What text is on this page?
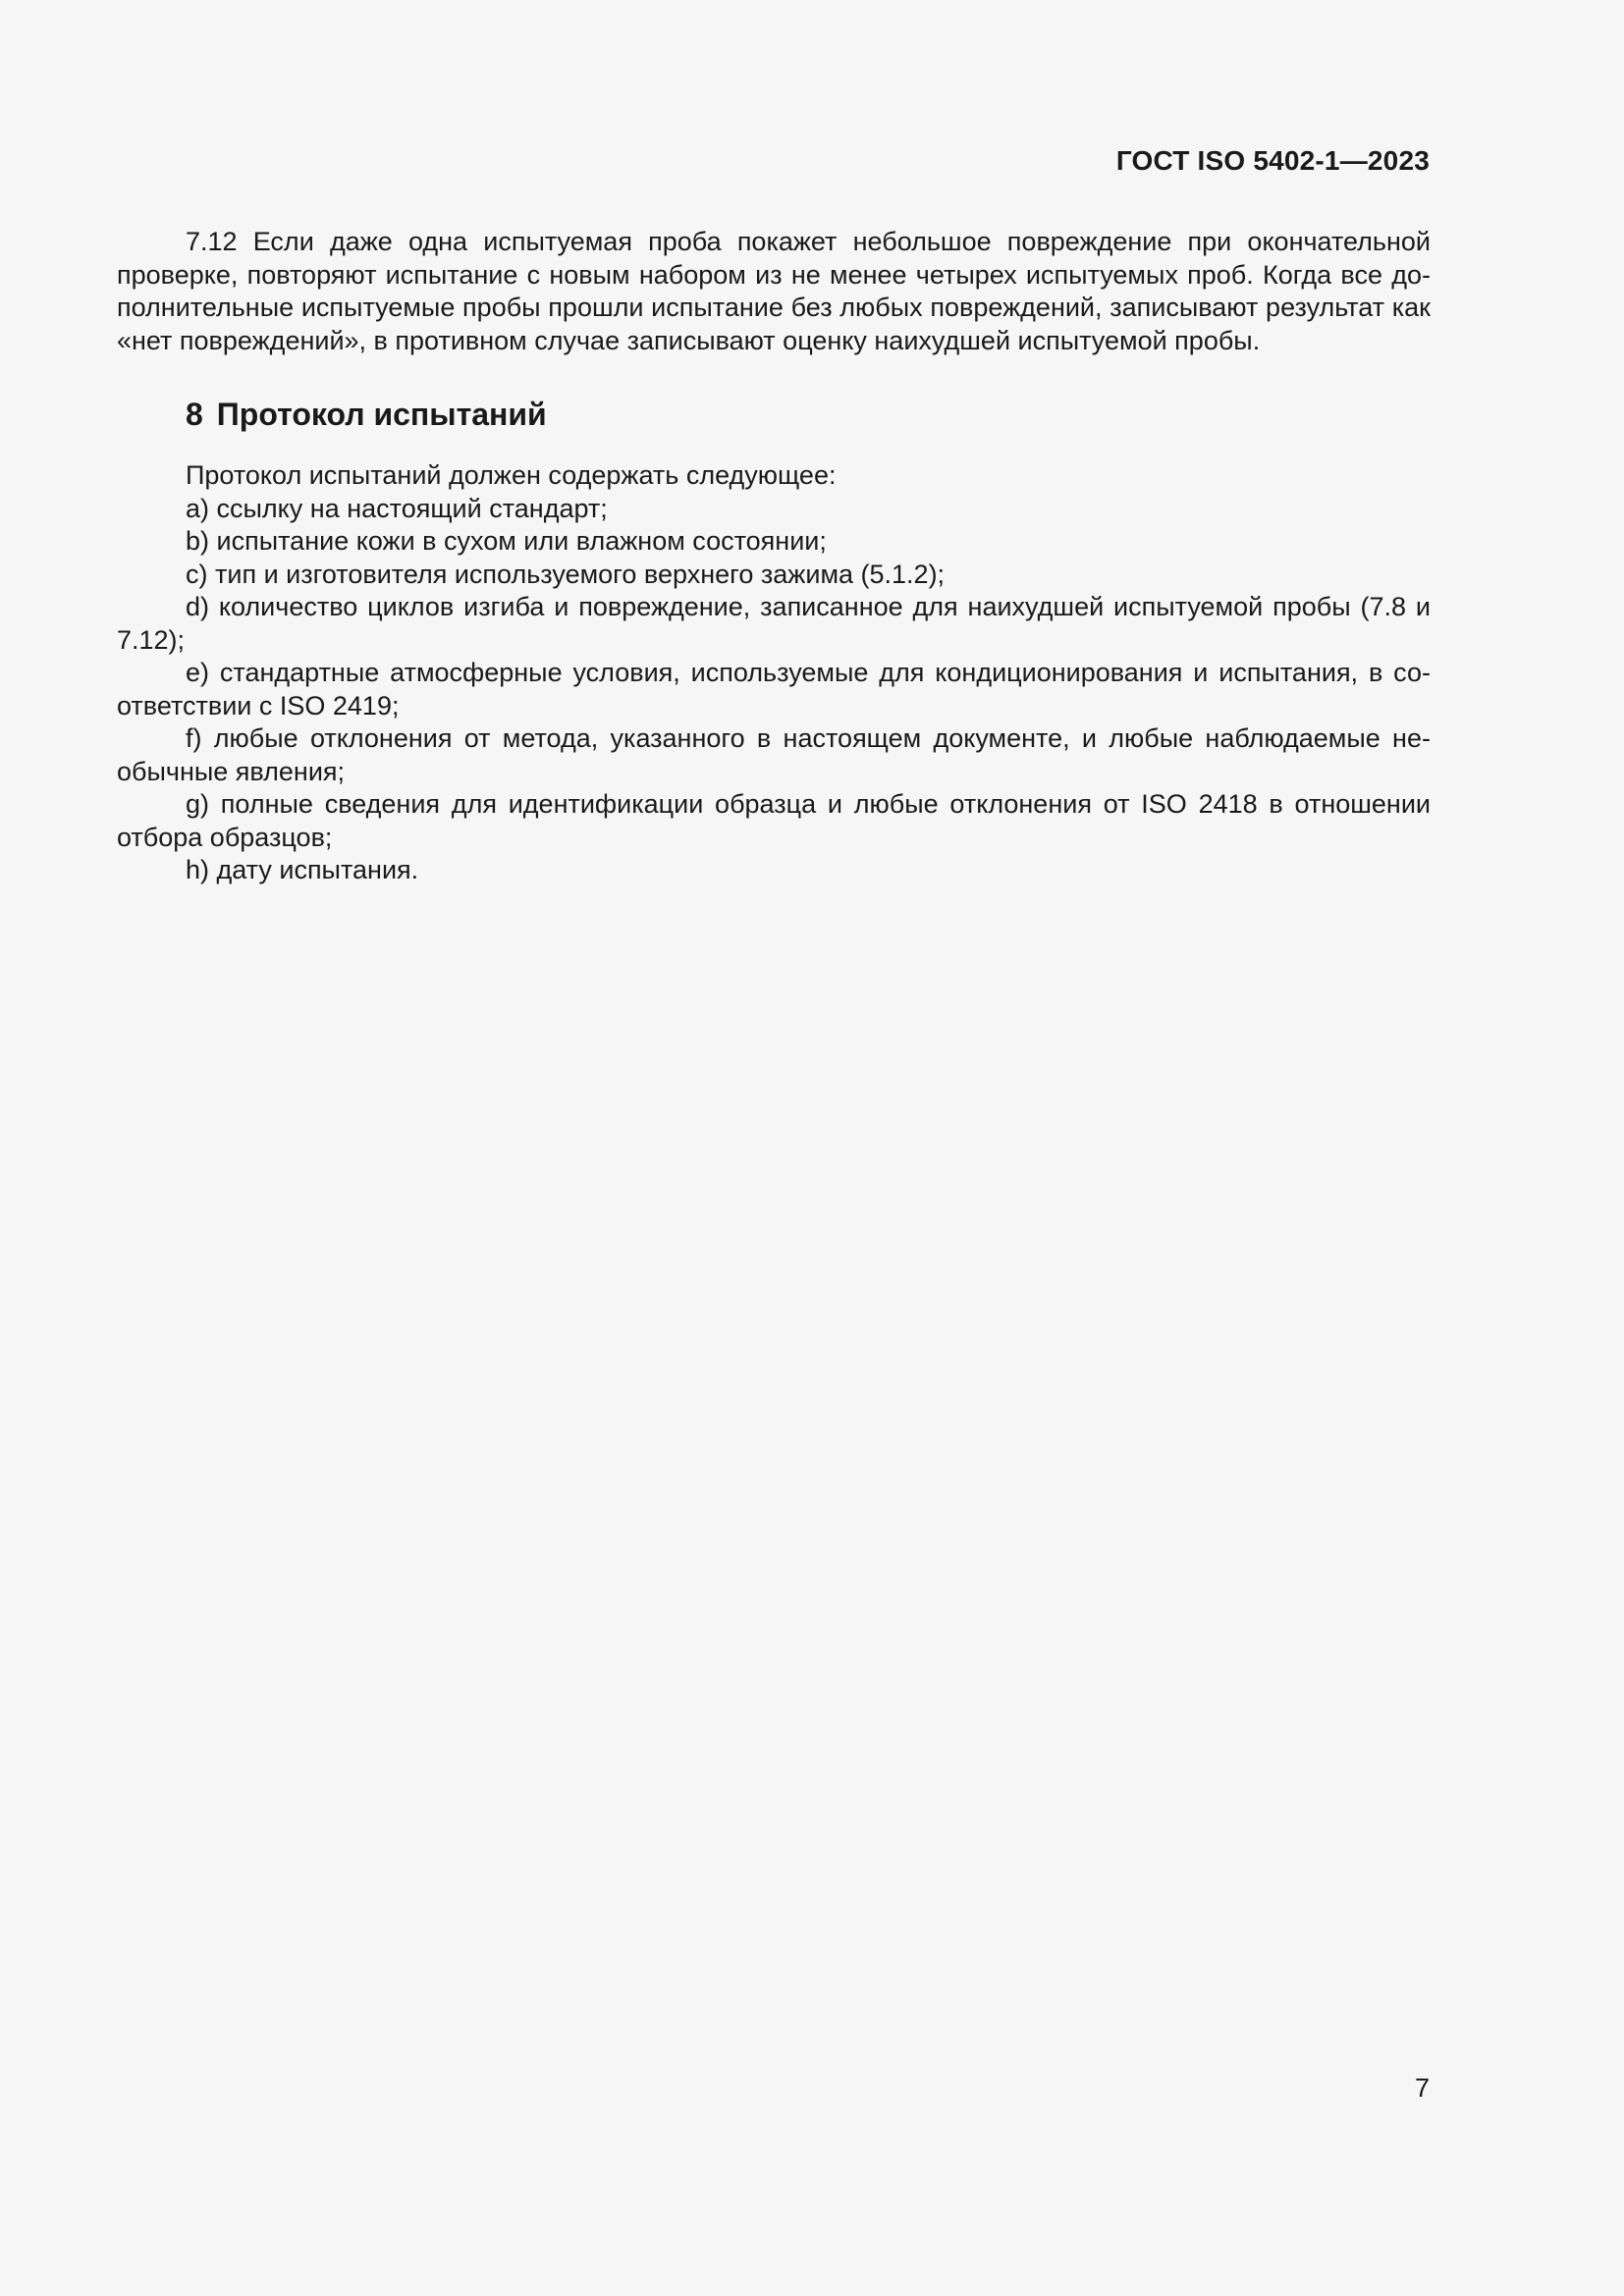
ГОСТ ISO 5402-1—2023
7.12 Если даже одна испытуемая проба покажет небольшое повреждение при окончательной проверке, повторяют испытание с новым набором из не менее четырех испытуемых проб. Когда все дополнительные испытуемые пробы прошли испытание без любых повреждений, записывают результат как «нет повреждений», в противном случае записывают оценку наихудшей испытуемой пробы.
8 Протокол испытаний

Протокол испытаний должен содержать следующее:

a) ссылку на настоящий стандарт;

b) испытание кожи в сухом или влажном состоянии;

c) тип и изготовителя используемого верхнего зажима (5.1.2);

d) количество циклов изгиба и повреждение, записанное для наихудшей испытуемой пробы (7.8 и 7.12);

e) стандартные атмосферные условия, используемые для кондиционирования и испытания, в соответствии с ISO 2419;

f) любые отклонения от метода, указанного в настоящем документе, и любые наблюдаемые необычные явления;

g) полные сведения для идентификации образца и любые отклонения от ISO 2418 в отношении отбора образцов;

h) дату испытания.

7
